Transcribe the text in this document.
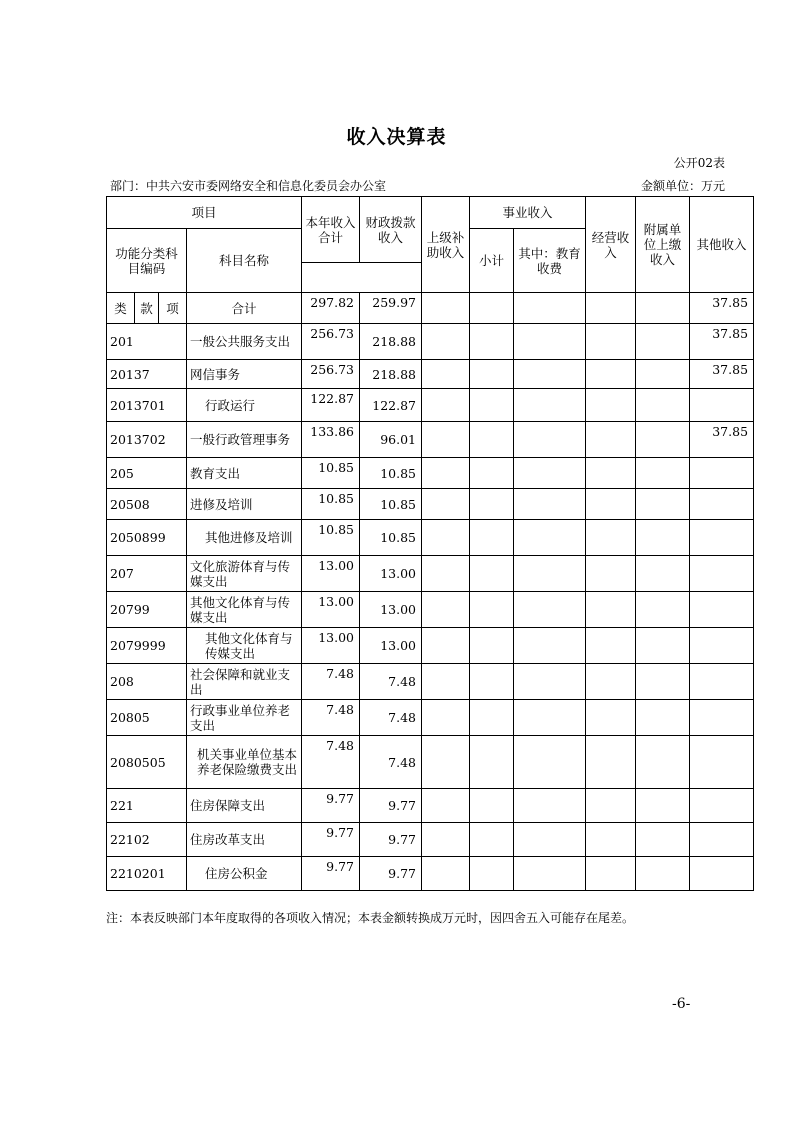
收入决算表
公开02表
部门：中共六安市委网络安全和信息化委员会办公室	金额单位：万元
项目				本年收入合计	财政拨款收入	上级补助收入	事业收入		经营收入	附属单位上缴收入	其他收入
功能分类科目编码			科目名称				小计	其中：教育收费			

类	款	项	合计	297.82	259.97						37.85
201			一般公共服务支出	256.73	218.88						37.85
20137			网信事务	256.73	218.88						37.85
2013701			行政运行	122.87	122.87						
2013702			一般行政管理事务	133.86	96.01						37.85
205			教育支出	10.85	10.85						
20508			进修及培训	10.85	10.85						
2050899			其他进修及培训	10.85	10.85						
207			文化旅游体育与传媒支出	13.00	13.00						
20799			其他文化体育与传媒支出	13.00	13.00						
2079999			其他文化体育与传媒支出	13.00	13.00						
208			社会保障和就业支出	7.48	7.48						
20805			行政事业单位养老支出	7.48	7.48						
2080505			机关事业单位基本养老保险缴费支出	7.48	7.48						
221			住房保障支出	9.77	9.77						
22102			住房改革支出	9.77	9.77						
2210201			住房公积金	9.77	9.77						
注：本表反映部门本年度取得的各项收入情况；本表金额转换成万元时，因四舍五入可能存在尾差。
-6-
